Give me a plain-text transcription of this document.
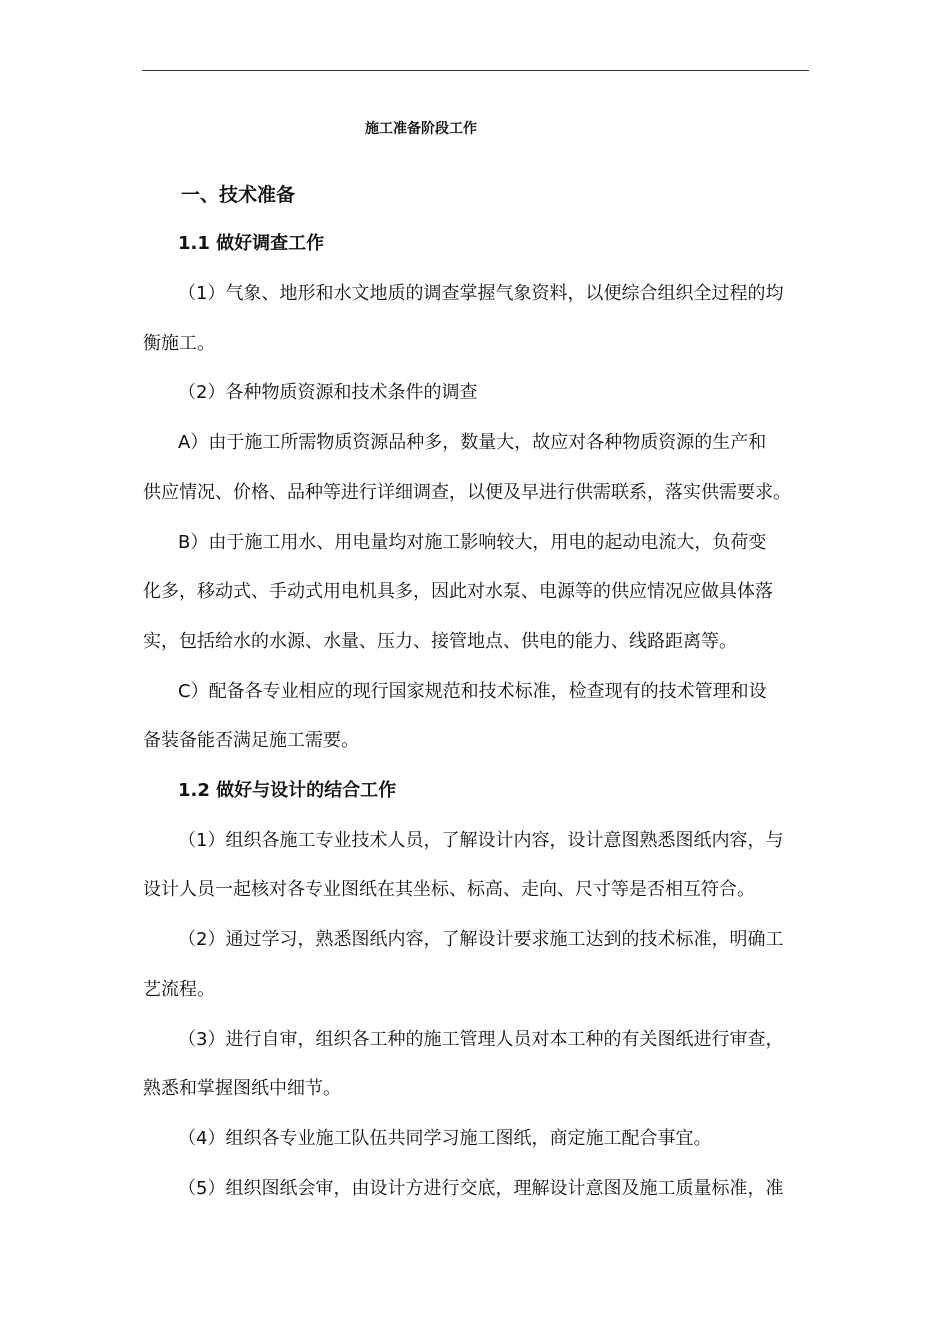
施工准备阶段工作
一、技术准备
1.1 做好调查工作
（1）气象、地形和水文地质的调查掌握气象资料，以便综合组织全过程的均
衡施工。
（2）各种物质资源和技术条件的调查
A）由于施工所需物质资源品种多，数量大，故应对各种物质资源的生产和
供应情况、价格、品种等进行详细调查，以便及早进行供需联系，落实供需要求。
B）由于施工用水、用电量均对施工影响较大，用电的起动电流大，负荷变
化多，移动式、手动式用电机具多，因此对水泵、电源等的供应情况应做具体落
实，包括给水的水源、水量、压力、接管地点、供电的能力、线路距离等。
C）配备各专业相应的现行国家规范和技术标准，检查现有的技术管理和设
备装备能否满足施工需要。
1.2 做好与设计的结合工作
（1）组织各施工专业技术人员，了解设计内容，设计意图熟悉图纸内容，与
设计人员一起核对各专业图纸在其坐标、标高、走向、尺寸等是否相互符合。
（2）通过学习，熟悉图纸内容，了解设计要求施工达到的技术标准，明确工
艺流程。
（3）进行自审，组织各工种的施工管理人员对本工种的有关图纸进行审查，
熟悉和掌握图纸中细节。
（4）组织各专业施工队伍共同学习施工图纸，商定施工配合事宜。
（5）组织图纸会审，由设计方进行交底，理解设计意图及施工质量标准，准
